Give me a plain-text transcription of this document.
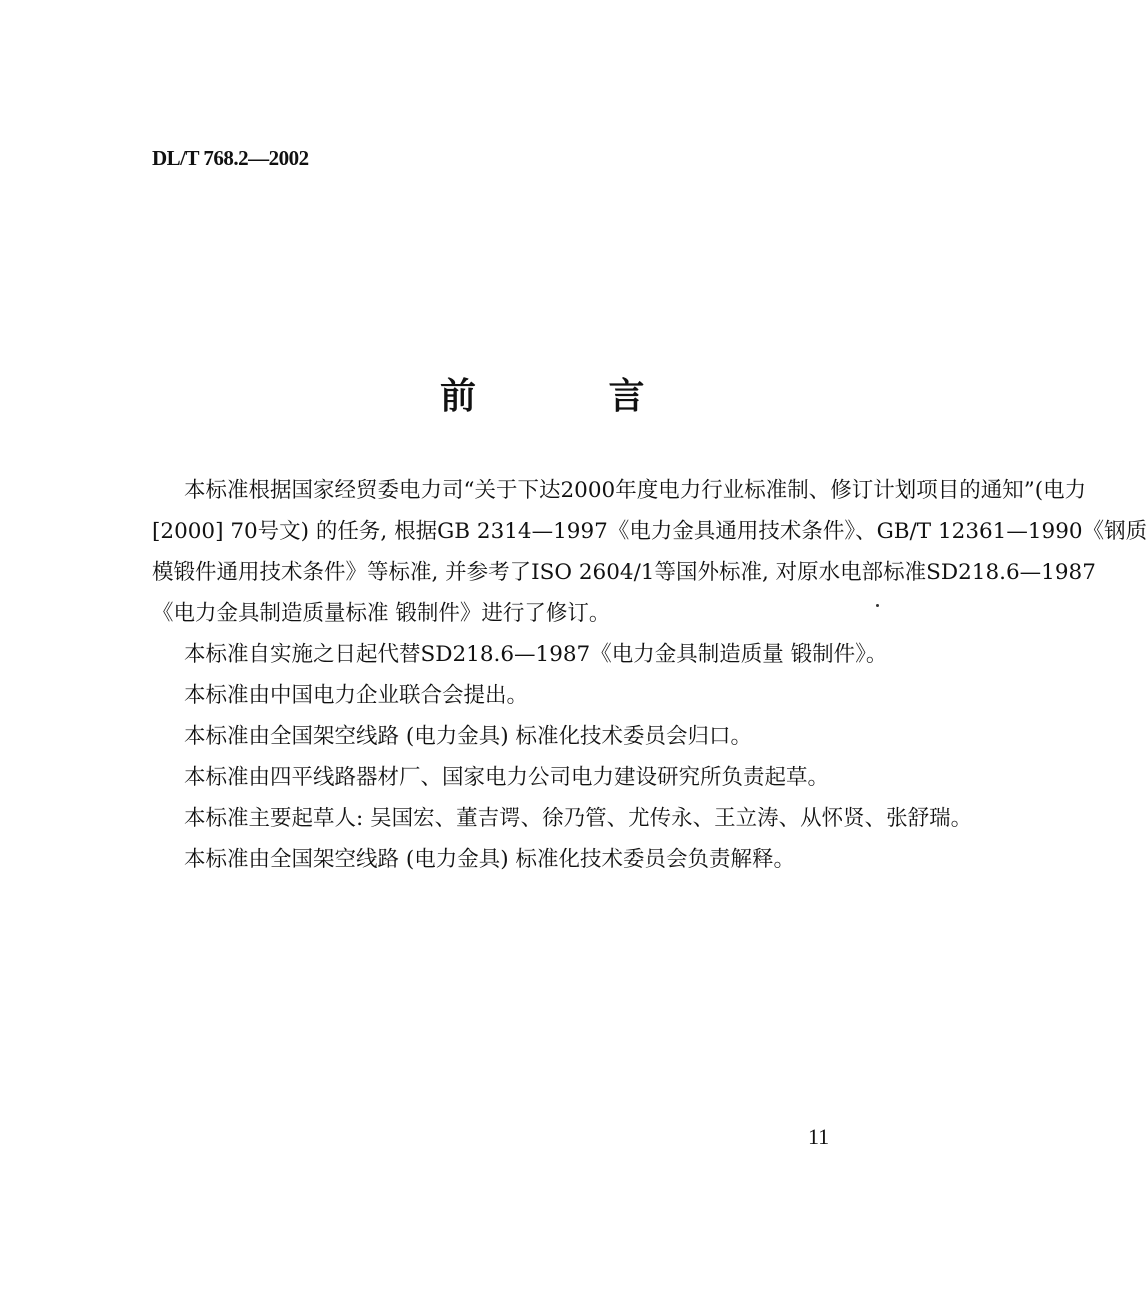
DL/T 768.2—2002
前 言
本标准根据国家经贸委电力司“关于下达2000年度电力行业标准制、修订计划项目的通知”(电力
[2000] 70号文) 的任务, 根据GB 2314—1997《电力金具通用技术条件》、GB/T 12361—1990《钢质
模锻件通用技术条件》等标准, 并参考了ISO 2604/1等国外标准, 对原水电部标准SD218.6—1987
《电力金具制造质量标准 锻制件》进行了修订。
本标准自实施之日起代替SD218.6—1987《电力金具制造质量 锻制件》。
本标准由中国电力企业联合会提出。
本标准由全国架空线路 (电力金具) 标准化技术委员会归口。
本标准由四平线路器材厂、国家电力公司电力建设研究所负责起草。
本标准主要起草人: 吴国宏、董吉谔、徐乃管、尤传永、王立涛、从怀贤、张舒瑞。
本标准由全国架空线路 (电力金具) 标准化技术委员会负责解释。
11
